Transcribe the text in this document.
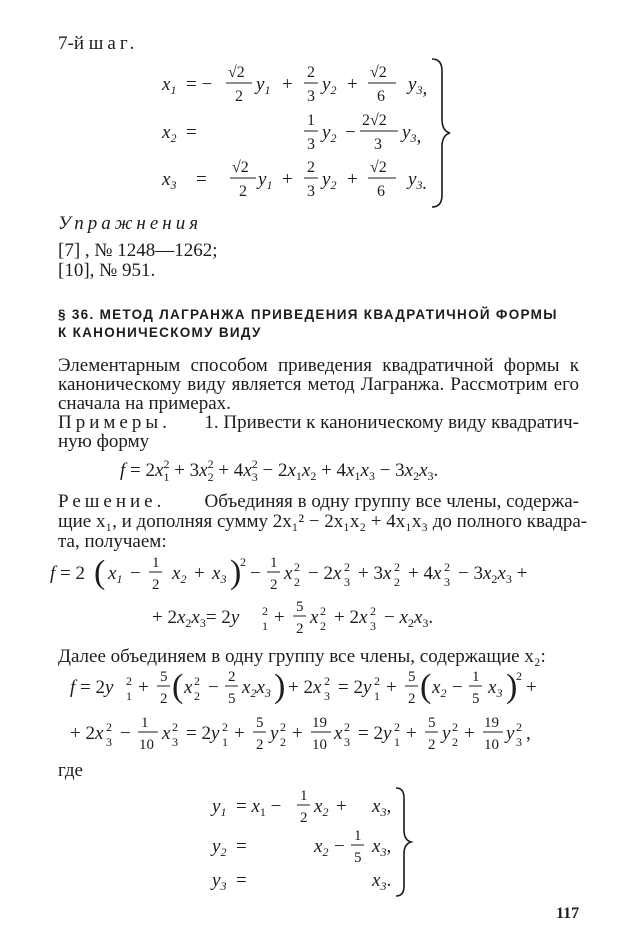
7-й шаг.
$x_1$ = −
√2
2
$y_1$ +
2
3
$y_2$ +
√2
6
$y_3$,
$x_2$ =
1
3
$y_2$ −
2√2
3
$y_3$,
$x_3$ =
√2
2
$y_1$ +
2
3
$y_2$ +
√2
6
$y_3$.
Упражнения
[7] , № 1248—1262;
[10], № 951.
§ 36. МЕТОД ЛАГРАНЖА ПРИВЕДЕНИЯ КВАДРАТИЧНОЙ ФОРМЫ
К КАНОНИЧЕСКОМУ ВИДУ
Элементарным способом приведения квадратичной формы к
каноническому виду является метод Лагранжа. Рассмотрим его
сначала на примерах.
Примеры. 1. Привести к каноническому виду квадратич-
ную форму
$f = 2x^2$ $1 + 3x^2$ $2 + 4x^2$ $3 - 2x_1x_2 + 4x_1x_3 - 3x_2x_3$.
Решение. Объединяя в одну группу все члены, содержа-
щие x₁, и дополняя сумму 2x₁² − 2x₁x₂ + 4x₁x₃ до полного квадра-
та, получаем:
f = 2 ( $x_1 - 1$
2
$x_2 + x_3$ )
2
− 1
2
x 2
2 − 2x 2
3 + 3x 2
2 + 4x 2
$3 - 3x_2x_3$ +
+ $2x_2x_3= 2y$ 2
1 + 5
2
x 2
2 + 2x 2
$3 - x_2x_3$.
Далее объединяем в одну группу все члены, содержащие x₂:
f = 2y 2
1 + 5
2 ( x 2
2 − 2
5
$x_2x_3$ ) + 2x 2
3 = 2y 2
1 + 5
2 ( $x_2 - 1$
5
$x_3$ )
2
+
+ 2x 2
3 − 1
10
x 2
3 = 2y 2
1 + 5
2
y 2
2 + 19
10
x 2
3 = 2y 2
1 + 5
2
y 2
2 + 19
10
y 2
3 ,
где
$y_1 = x_1 - 1$
2
$x_2 + x_3$,
$y_2$ =	$x_2 - 1$
5
$x_3$,
$y_3$ =	$x_3$.
117
